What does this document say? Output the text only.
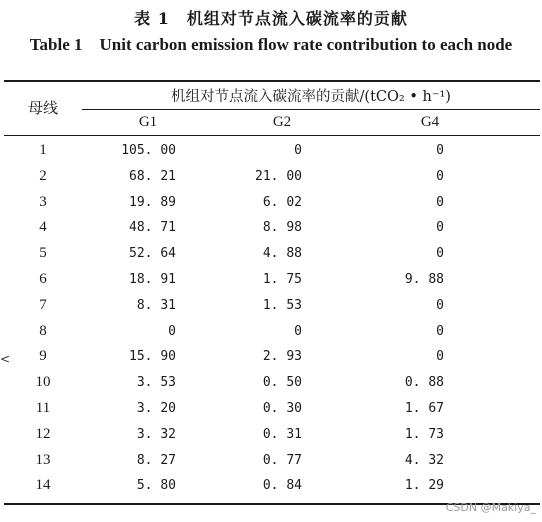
表 1　机组对节点流入碳流率的贡献
Table 1　Unit carbon emission flow rate contribution to each node
母线
机组对节点流入碳流率的贡献/(tCO₂ • h⁻¹)
G1	G2	G4
1	105. 00	0	0
2	68. 21	21. 00	0
3	19. 89	6. 02	0
4	48. 71	8. 98	0
5	52. 64	4. 88	0
6	18. 91	1. 75	9. 88
7	8. 31	1. 53	0
8	0	0	0
9	15. 90	2. 93	0
10	3. 53	0. 50	0. 88
11	3. 20	0. 30	1. 67
12	3. 32	0. 31	1. 73
13	8. 27	0. 77	4. 32
14	5. 80	0. 84	1. 29
<
CSDN @Makiya_
